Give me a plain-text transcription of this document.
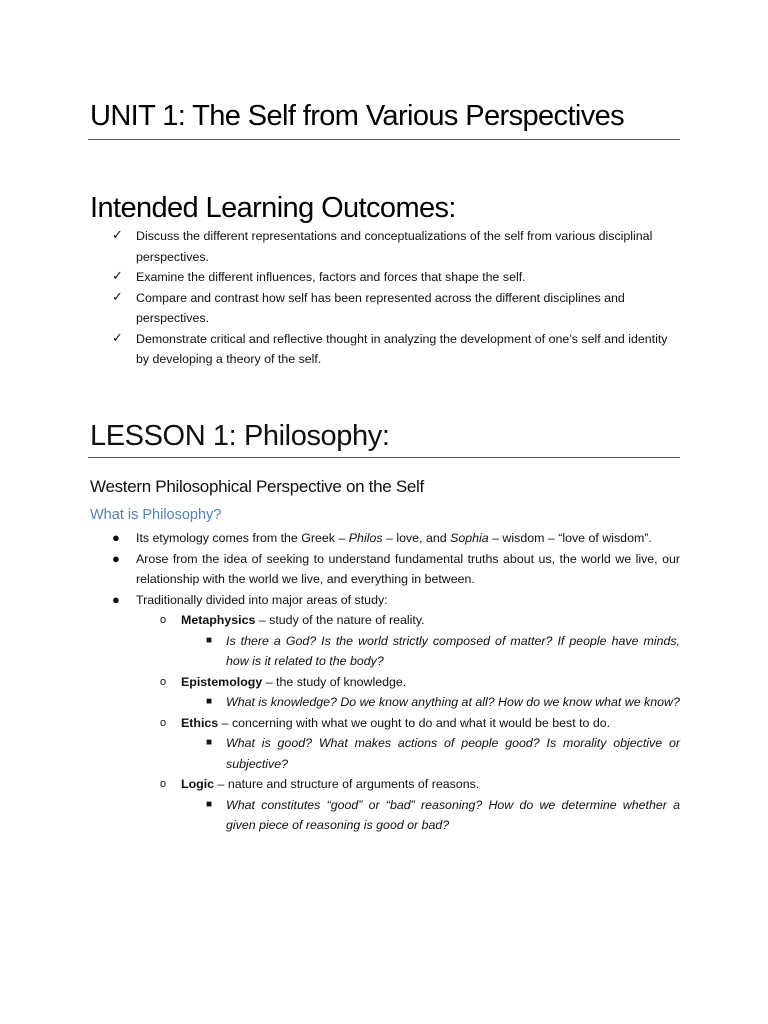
UNIT 1: The Self from Various Perspectives
Intended Learning Outcomes:
✓ Discuss the different representations and conceptualizations of the self from various disciplinal perspectives.
✓ Examine the different influences, factors and forces that shape the self.
✓ Compare and contrast how self has been represented across the different disciplines and perspectives.
✓ Demonstrate critical and reflective thought in analyzing the development of one’s self and identity by developing a theory of the self.
LESSON 1: Philosophy:
Western Philosophical Perspective on the Self
What is Philosophy?
● Its etymology comes from the Greek – Philos – love, and Sophia – wisdom – “love of wisdom”.
● Arose from the idea of seeking to understand fundamental truths about us, the world we live, our relationship with the world we live, and everything in between.
● Traditionally divided into major areas of study:
o Metaphysics – study of the nature of reality.
■ Is there a God? Is the world strictly composed of matter? If people have minds, how is it related to the body?
o Epistemology – the study of knowledge.
■ What is knowledge? Do we know anything at all? How do we know what we know?
o Ethics – concerning with what we ought to do and what it would be best to do.
■ What is good? What makes actions of people good? Is morality objective or subjective?
o Logic – nature and structure of arguments of reasons.
■ What constitutes “good” or “bad” reasoning? How do we determine whether a given piece of reasoning is good or bad?
